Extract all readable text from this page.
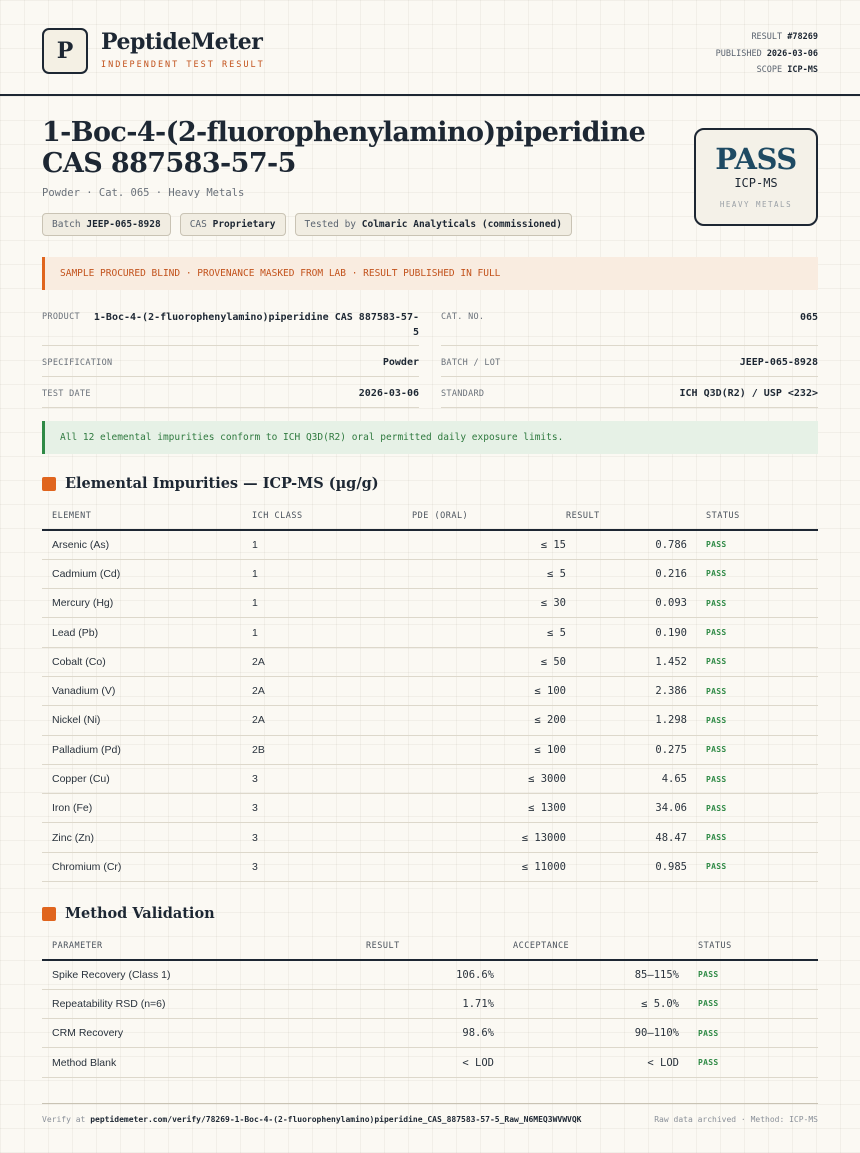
P PeptideMeter
INDEPENDENT TEST RESULT
RESULT #78269
PUBLISHED 2026-03-06
SCOPE ICP-MS
1-Boc-4-(2-fluorophenylamino)piperidine CAS 887583-57-5
Powder · Cat. 065 · Heavy Metals
Batch JEEP-065-8928	CAS Proprietary	Tested by Colmaric Analyticals (commissioned)
PASS
ICP-MS
HEAVY METALS
SAMPLE PROCURED BLIND · PROVENANCE MASKED FROM LAB · RESULT PUBLISHED IN FULL
PRODUCT	1-Boc-4-(2-fluorophenylamino)piperidine CAS 887583-57-5
CAT. NO.	065
SPECIFICATION	Powder	BATCH / LOT	JEEP-065-8928
TEST DATE	2026-03-06	STANDARD	ICH Q3D(R2) / USP <232>
All 12 elemental impurities conform to ICH Q3D(R2) oral permitted daily exposure limits.
Elemental Impurities — ICP-MS (µg/g)
ELEMENT	ICH CLASS	PDE (ORAL)	RESULT	STATUS
Arsenic (As)	1	≤ 15	0.786	PASS
Cadmium (Cd)	1	≤ 5	0.216	PASS
Mercury (Hg)	1	≤ 30	0.093	PASS
Lead (Pb)	1	≤ 5	0.190	PASS
Cobalt (Co)	2A	≤ 50	1.452	PASS
Vanadium (V)	2A	≤ 100	2.386	PASS
Nickel (Ni)	2A	≤ 200	1.298	PASS
Palladium (Pd)	2B	≤ 100	0.275	PASS
Copper (Cu)	3	≤ 3000	4.65	PASS
Iron (Fe)	3	≤ 1300	34.06	PASS
Zinc (Zn)	3	≤ 13000	48.47	PASS
Chromium (Cr)	3	≤ 11000	0.985	PASS
Method Validation
PARAMETER	RESULT	ACCEPTANCE	STATUS
Spike Recovery (Class 1)	106.6%	85–115%	PASS
Repeatability RSD (n=6)	1.71%	≤ 5.0%	PASS
CRM Recovery	98.6%	90–110%	PASS
Method Blank	< LOD	< LOD	PASS
Verify at peptidemeter.com/verify/78269-1-Boc-4-(2-fluorophenylamino)piperidine_CAS_887583-57-5_Raw_N6MEQ3WVWVQK	Raw data archived · Method: ICP-MS
